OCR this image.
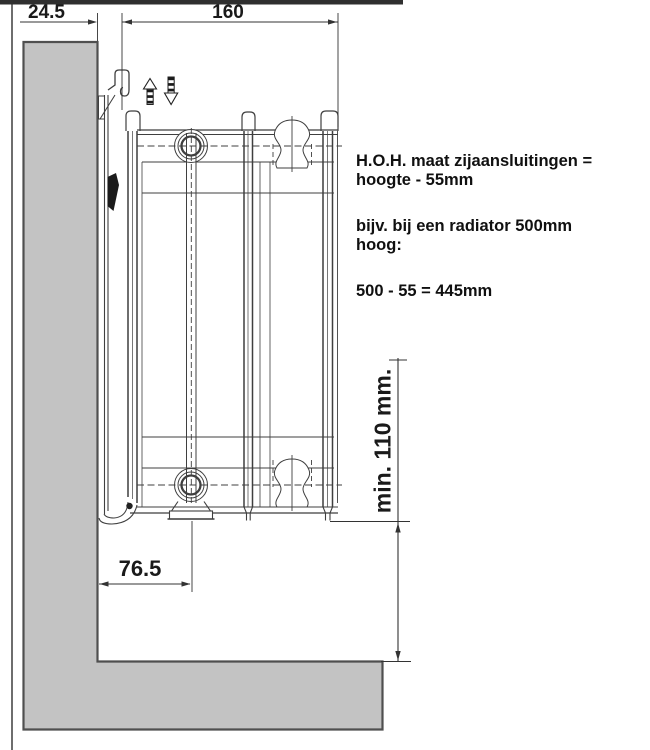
24.5	160
76.5
min. 110 mm.

H.O.H. maat zijaansluitingen =
hoogte - 55mm

bijv. bij een radiator 500mm
hoog:

500 - 55 = 445mm
